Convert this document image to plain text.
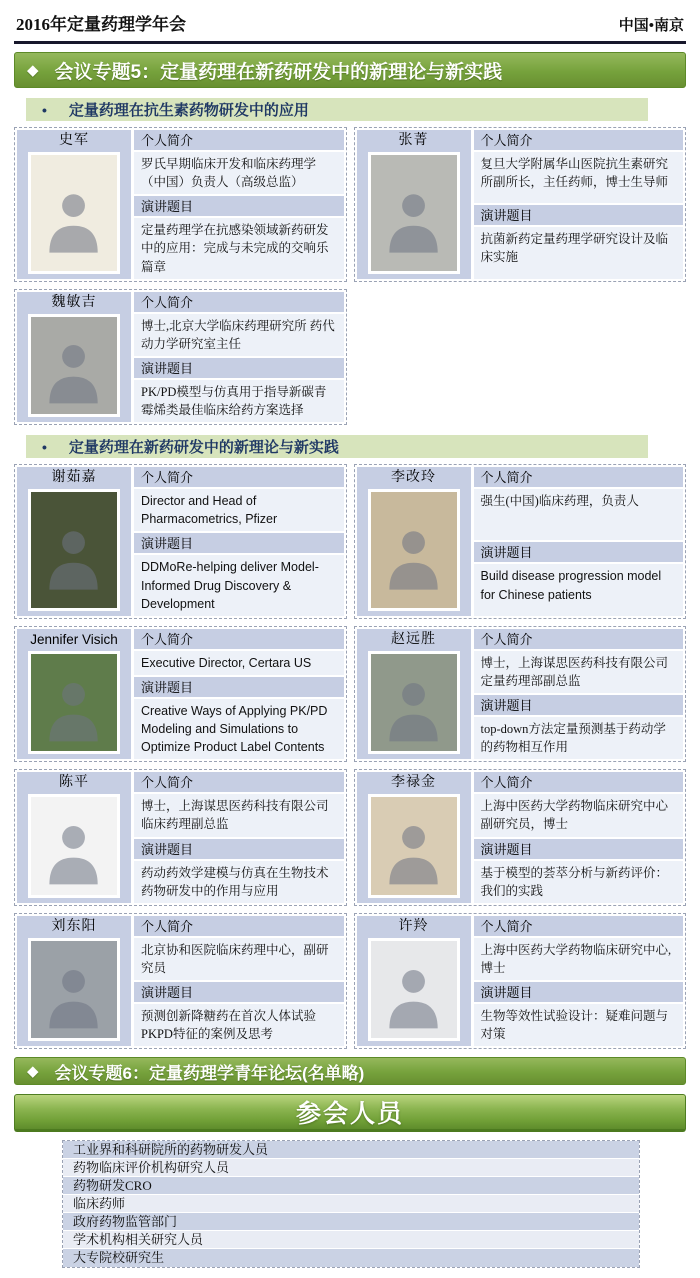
2016年定量药理学年会	中国•南京
◆ 会议专题5：定量药理在新药研发中的新理论与新实践
• 定量药理在抗生素药物研发中的应用
史军	个人简介
罗氏早期临床开发和临床药理学（中国）负责人（高级总监）
演讲题目
定量药理学在抗感染领域新药研发中的应用：完成与未完成的交响乐篇章
张菁	个人简介
复旦大学附属华山医院抗生素研究所副所长，主任药师，博士生导师
演讲题目
抗菌新药定量药理学研究设计及临床实施
魏敏吉	个人简介
博士,北京大学临床药理研究所 药代动力学研究室主任
演讲题目
PK/PD模型与仿真用于指导新碳青霉烯类最佳临床给药方案选择
• 定量药理在新药研发中的新理论与新实践
谢茹嘉	个人简介
Director and Head of Pharmacometrics, Pfizer
演讲题目
DDMoRe-helping deliver Model- Informed Drug Discovery & Development
李改玲	个人简介
强生(中国)临床药理，负责人
演讲题目
Build disease progression model for Chinese patients
Jennifer Visich	个人简介
Executive Director, Certara US
演讲题目
Creative Ways of Applying PK/PD Modeling and Simulations to Optimize Product Label Contents
赵远胜	个人简介
博士，上海谋思医药科技有限公司定量药理部副总监
演讲题目
top-down方法定量预测基于药动学的药物相互作用
陈平	个人简介
博士，上海谋思医药科技有限公司临床药理副总监
演讲题目
药动药效学建模与仿真在生物技术药物研发中的作用与应用
李禄金	个人简介
上海中医药大学药物临床研究中心 副研究员，博士
演讲题目
基于模型的荟萃分析与新药评价：我们的实践
刘东阳	个人简介
北京协和医院临床药理中心，副研究员
演讲题目
预测创新降糖药在首次人体试验PKPD特征的案例及思考
许羚	个人简介
上海中医药大学药物临床研究中心,博士
演讲题目
生物等效性试验设计：疑难问题与对策
◆ 会议专题6：定量药理学青年论坛(名单略)
参会人员
工业界和科研院所的药物研发人员
药物临床评价机构研究人员
药物研发CRO
临床药师
政府药物监管部门
学术机构相关研究人员
大专院校研究生
